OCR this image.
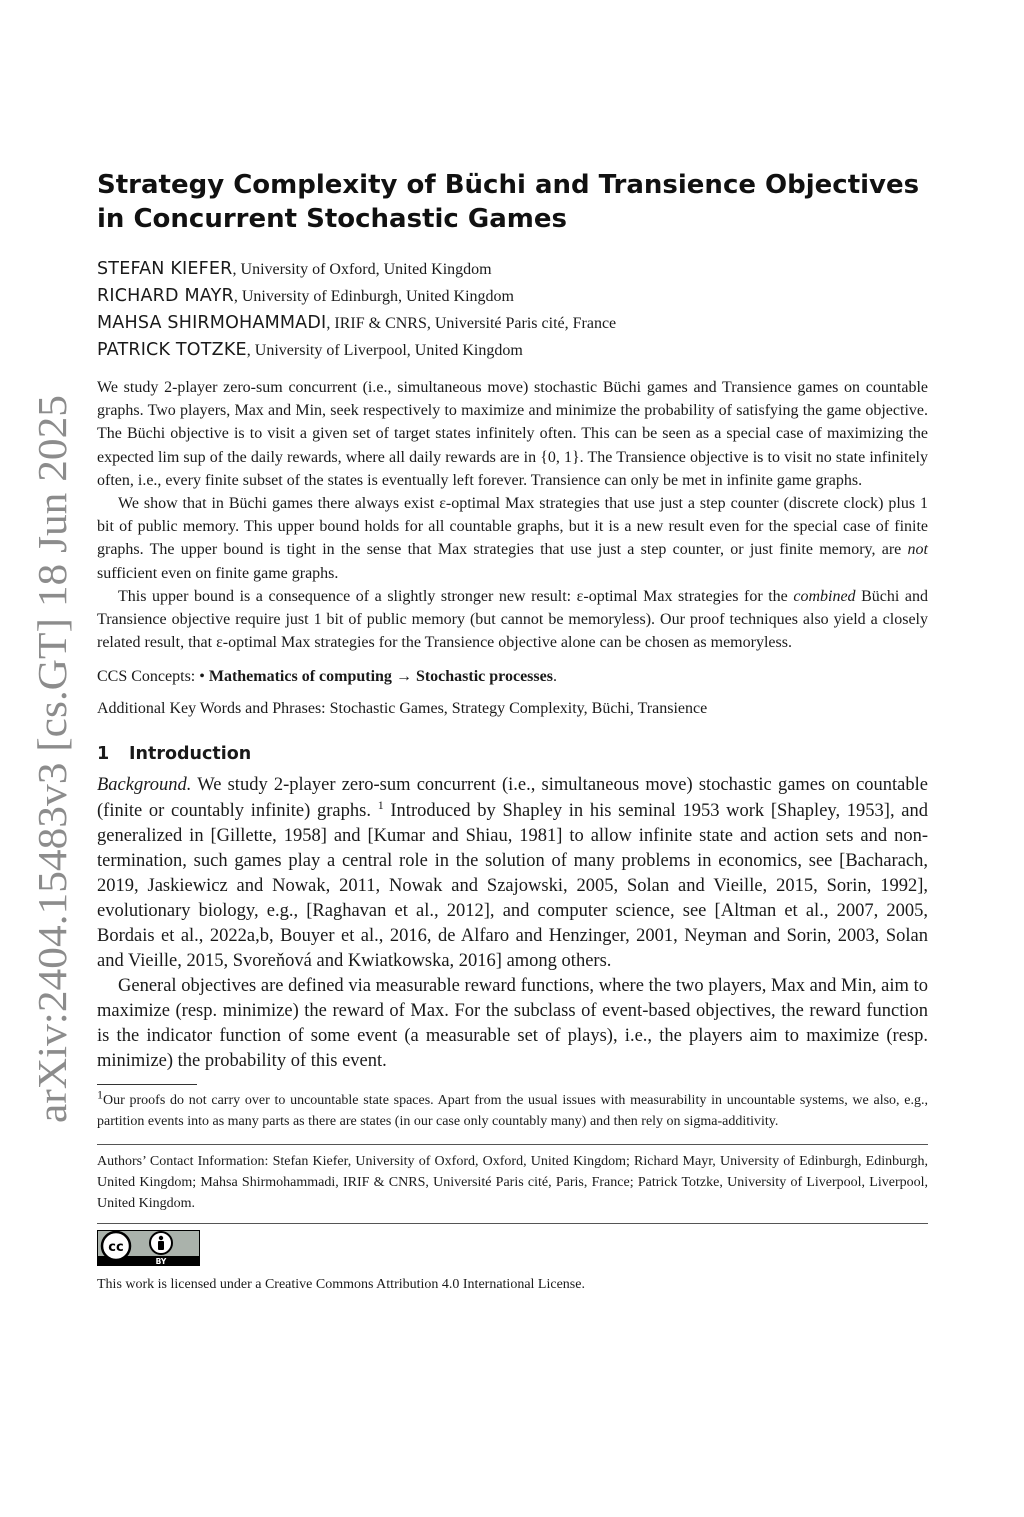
arXiv:2404.15483v3 [cs.GT] 18 Jun 2025
Strategy Complexity of Büchi and Transience Objectives in Concurrent Stochastic Games
STEFAN KIEFER, University of Oxford, United Kingdom
RICHARD MAYR, University of Edinburgh, United Kingdom
MAHSA SHIRMOHAMMADI, IRIF & CNRS, Université Paris cité, France
PATRICK TOTZKE, University of Liverpool, United Kingdom

We study 2-player zero-sum concurrent (i.e., simultaneous move) stochastic Büchi games and Transience games on countable graphs. Two players, Max and Min, seek respectively to maximize and minimize the probability of satisfying the game objective. The Büchi objective is to visit a given set of target states infinitely often. This can be seen as a special case of maximizing the expected lim sup of the daily rewards, where all daily rewards are in {0, 1}. The Transience objective is to visit no state infinitely often, i.e., every finite subset of the states is eventually left forever. Transience can only be met in infinite game graphs.

We show that in Büchi games there always exist ε-optimal Max strategies that use just a step counter (discrete clock) plus 1 bit of public memory. This upper bound holds for all countable graphs, but it is a new result even for the special case of finite graphs. The upper bound is tight in the sense that Max strategies that use just a step counter, or just finite memory, are not sufficient even on finite game graphs.

This upper bound is a consequence of a slightly stronger new result: ε-optimal Max strategies for the combined Büchi and Transience objective require just 1 bit of public memory (but cannot be memoryless). Our proof techniques also yield a closely related result, that ε-optimal Max strategies for the Transience objective alone can be chosen as memoryless.

CCS Concepts: • Mathematics of computing → Stochastic processes.
Additional Key Words and Phrases: Stochastic Games, Strategy Complexity, Büchi, Transience
1 Introduction

Background. We study 2-player zero-sum concurrent (i.e., simultaneous move) stochastic games on countable (finite or countably infinite) graphs. $^1$ Introduced by Shapley in his seminal 1953 work [Shapley, 1953], and generalized in [Gillette, 1958] and [Kumar and Shiau, 1981] to allow infinite state and action sets and non-termination, such games play a central role in the solution of many problems in economics, see [Bacharach, 2019, Jaskiewicz and Nowak, 2011, Nowak and Szajowski, 2005, Solan and Vieille, 2015, Sorin, 1992], evolutionary biology, e.g., [Raghavan et al., 2012], and computer science, see [Altman et al., 2007, 2005, Bordais et al., 2022a,b, Bouyer et al., 2016, de Alfaro and Henzinger, 2001, Neyman and Sorin, 2003, Solan and Vieille, 2015, Svoreňová and Kwiatkowska, 2016] among others.

General objectives are defined via measurable reward functions, where the two players, Max and Min, aim to maximize (resp. minimize) the reward of Max. For the subclass of event-based objectives, the reward function is the indicator function of some event (a measurable set of plays), i.e., the players aim to maximize (resp. minimize) the probability of this event.

$^1$Our proofs do not carry over to uncountable state spaces. Apart from the usual issues with measurability in uncountable systems, we also, e.g., partition events into as many parts as there are states (in our case only countably many) and then rely on sigma-additivity.
Authors’ Contact Information: Stefan Kiefer, University of Oxford, Oxford, United Kingdom; Richard Mayr, University of Edinburgh, Edinburgh, United Kingdom; Mahsa Shirmohammadi, IRIF & CNRS, Université Paris cité, Paris, France; Patrick Totzke, University of Liverpool, Liverpool, United Kingdom.
cc
BY
This work is licensed under a Creative Commons Attribution 4.0 International License.
